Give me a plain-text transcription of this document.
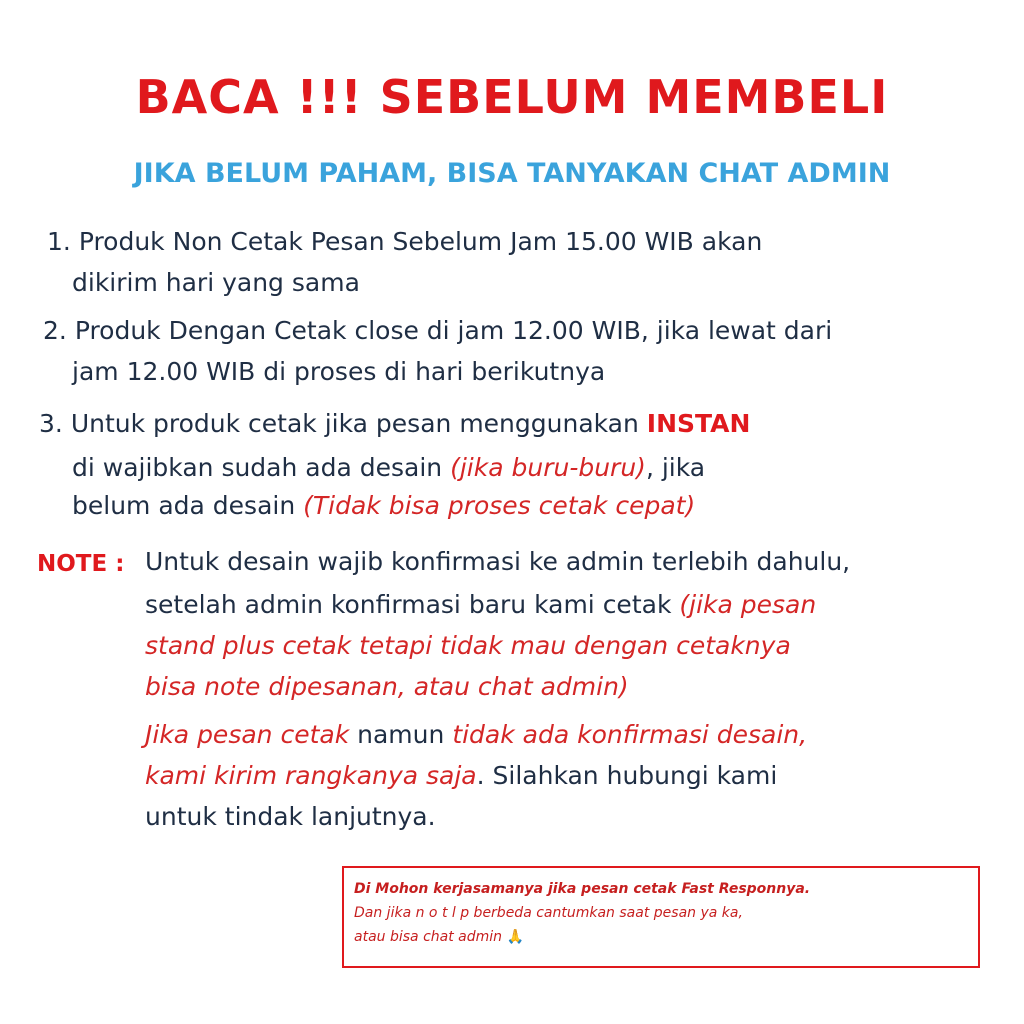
BACA !!! SEBELUM MEMBELI
JIKA BELUM PAHAM, BISA TANYAKAN CHAT ADMIN
1. Produk Non Cetak Pesan Sebelum Jam 15.00 WIB akan
dikirim hari yang sama
2. Produk Dengan Cetak close di jam 12.00 WIB, jika lewat dari
jam 12.00 WIB di proses di hari berikutnya
3. Untuk produk cetak jika pesan menggunakan INSTAN
di wajibkan sudah ada desain (jika buru-buru), jika
belum ada desain (Tidak bisa proses cetak cepat)
NOTE : Untuk desain wajib konfirmasi ke admin terlebih dahulu,
setelah admin konfirmasi baru kami cetak (jika pesan
stand plus cetak tetapi tidak mau dengan cetaknya
bisa note dipesanan, atau chat admin)
Jika pesan cetak namun tidak ada konfirmasi desain,
kami kirim rangkanya saja. Silahkan hubungi kami
untuk tindak lanjutnya.
Di Mohon kerjasamanya jika pesan cetak Fast Responnya.
Dan jika n o t l p berbeda cantumkan saat pesan ya ka,
atau bisa chat admin 🙏
